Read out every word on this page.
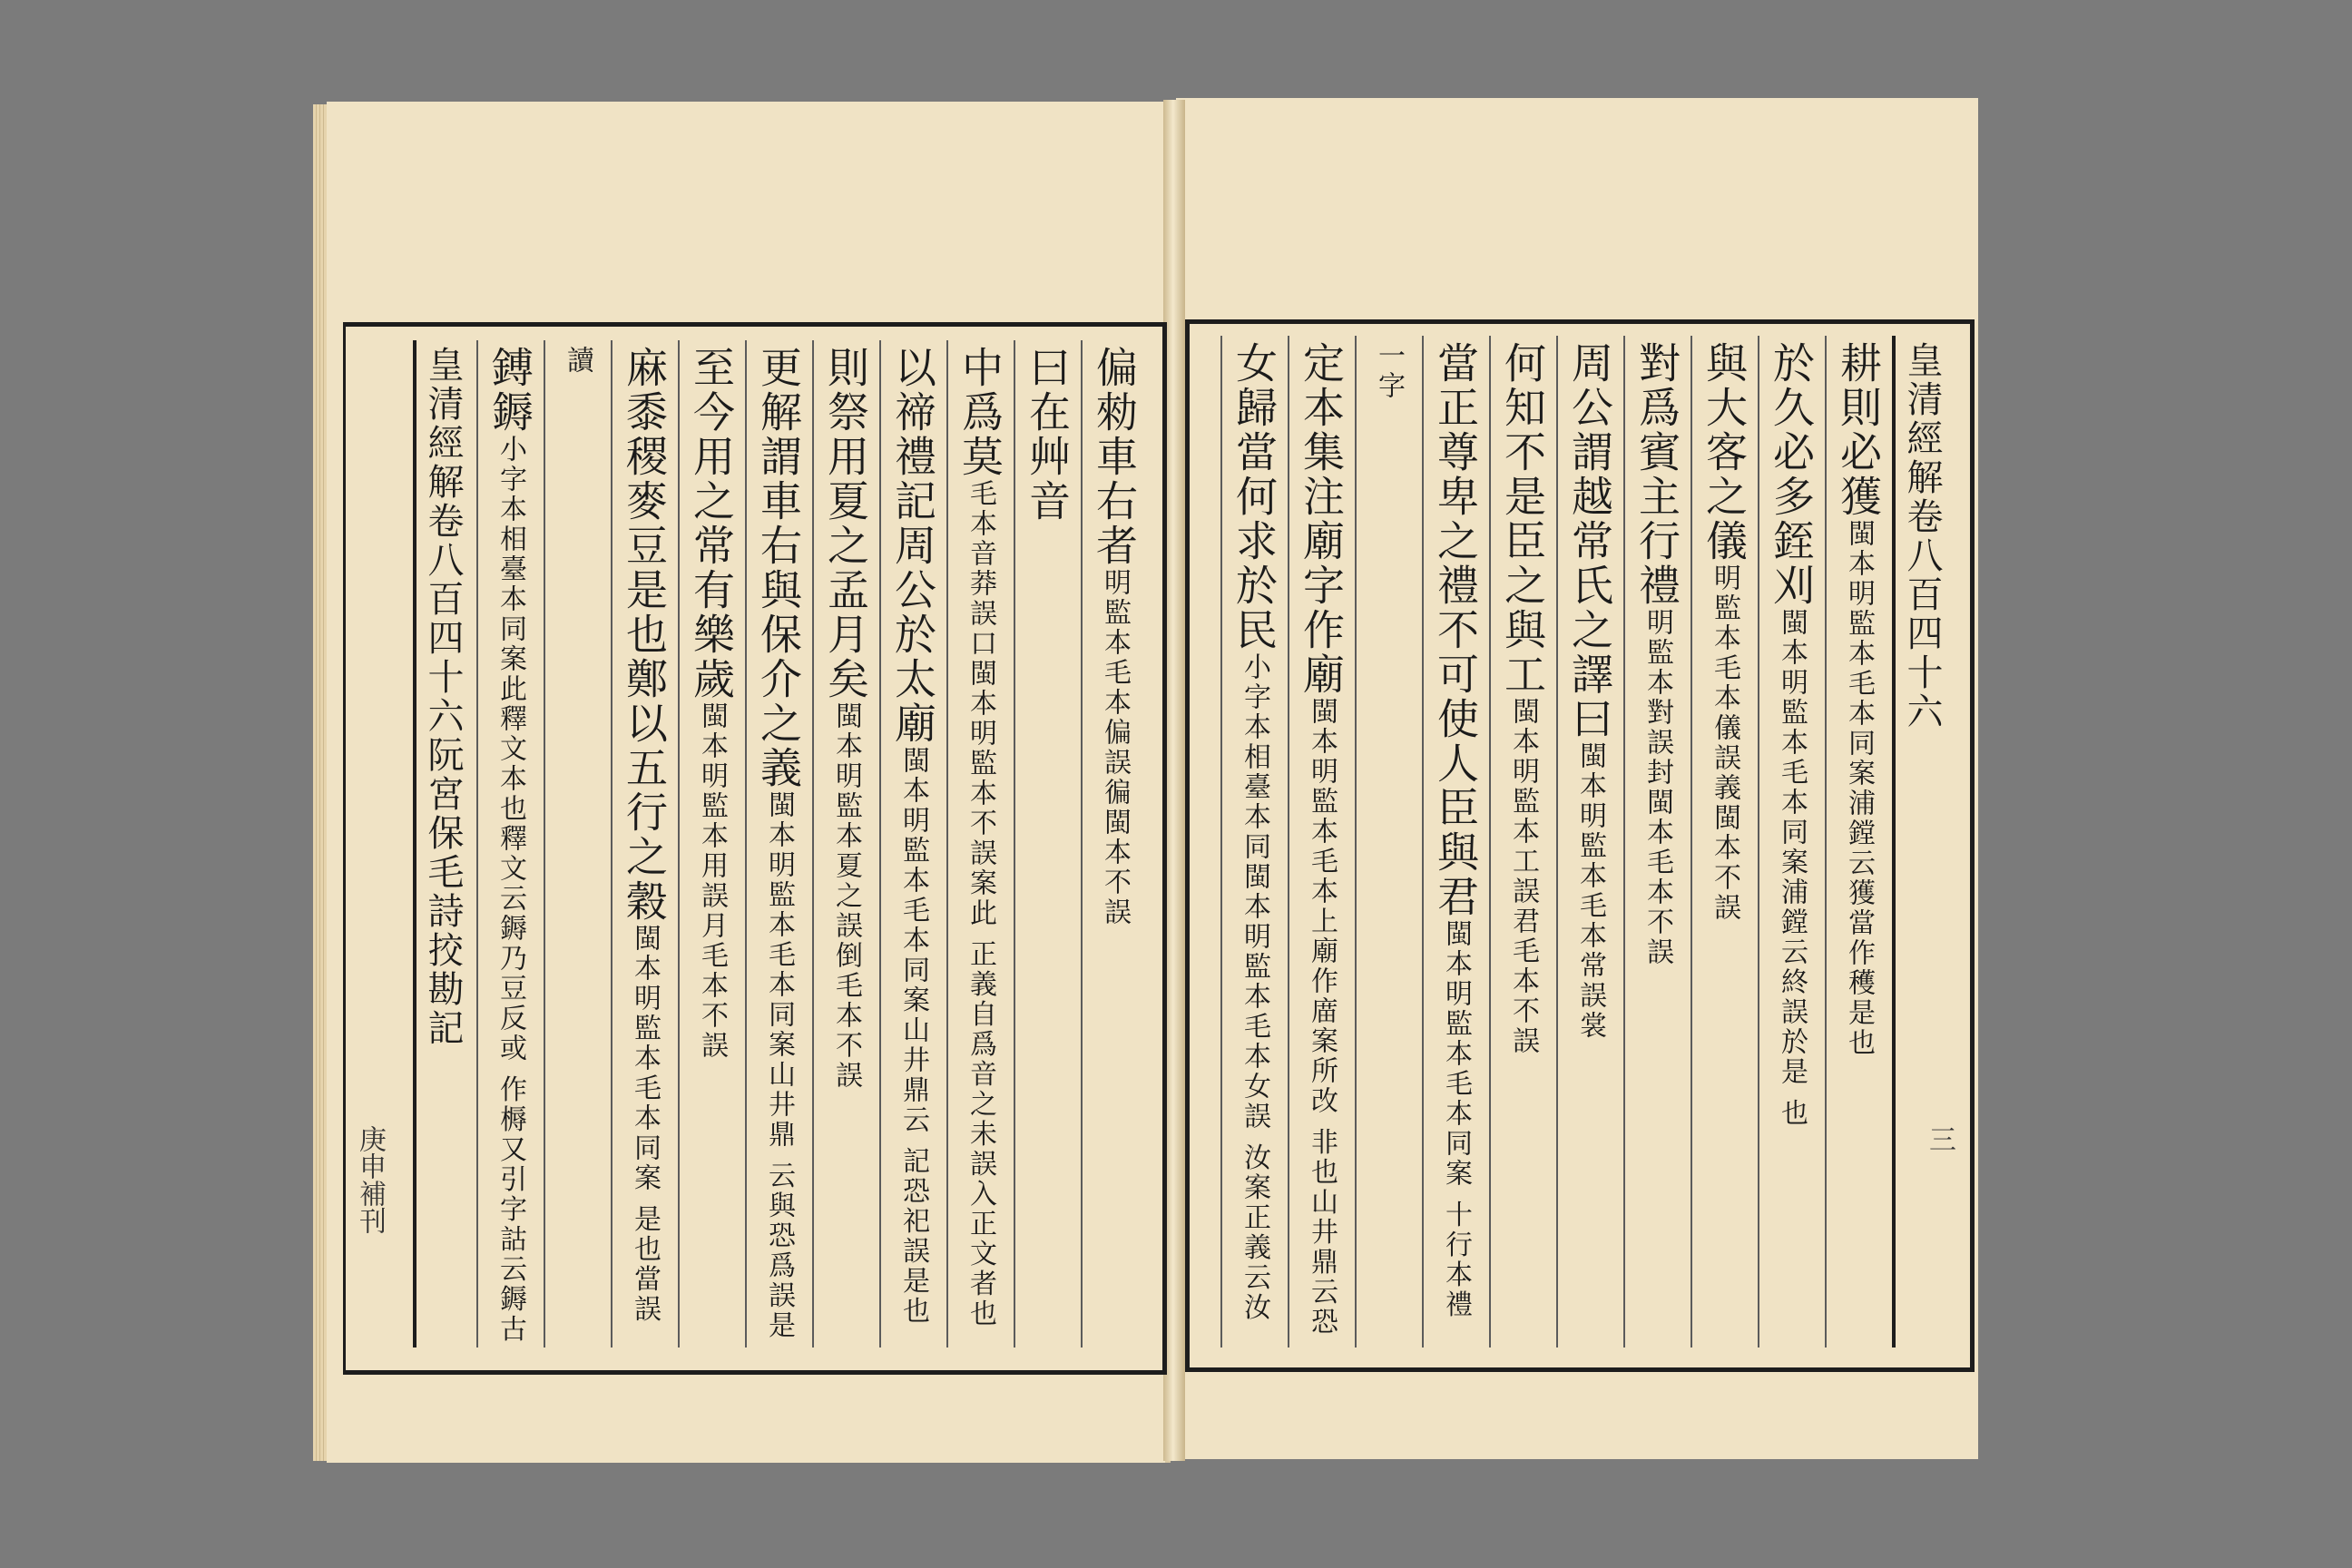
偏勑車右者明監本毛本偏誤徧閩本不誤
曰在艸音
中爲莫毛本音莽誤口閩本明監本不誤案此 正義自爲音之未誤入正文者也
以禘禮記周公於太廟閩本明監本毛本同案山井鼎云 記恐祀誤是也
則祭用夏之孟月矣閩本明監本夏之誤倒毛本不誤
更解謂車右與保介之義閩本明監本毛本同案山井鼎 云與恐爲誤是
至今用之常有樂歲閩本明監本用誤月毛本不誤
麻黍稷麥豆是也鄭以五行之穀閩本明監本毛本同案 是也當誤
讀
鎛鎒小字本相臺本同案此釋文本也釋文云鎒乃豆反或 作槈又引字詁云鎒古
皇清經解卷八百四十六阮宮保毛詩挍勘記
庚申補刊
皇清經解卷八百四十六
耕則必獲閩本明監本毛本同案浦鏜云獲當作穫是也
於久必多銍刈閩本明監本毛本同案浦鏜云終誤於是 也
與大客之儀明監本毛本儀誤義閩本不誤
對爲賓主行禮明監本對誤封閩本毛本不誤
周公謂越常氏之譯曰閩本明監本毛本常誤裳
何知不是臣之與工閩本明監本工誤君毛本不誤
當正尊卑之禮不可使人臣與君閩本明監本毛本同案 十行本禮
一字
定本集注廟字作廟閩本明監本毛本上廟作庿案所改 非也山井鼎云恐
女歸當何求於民小字本相臺本同閩本明監本毛本女誤 汝案正義云汝
三
